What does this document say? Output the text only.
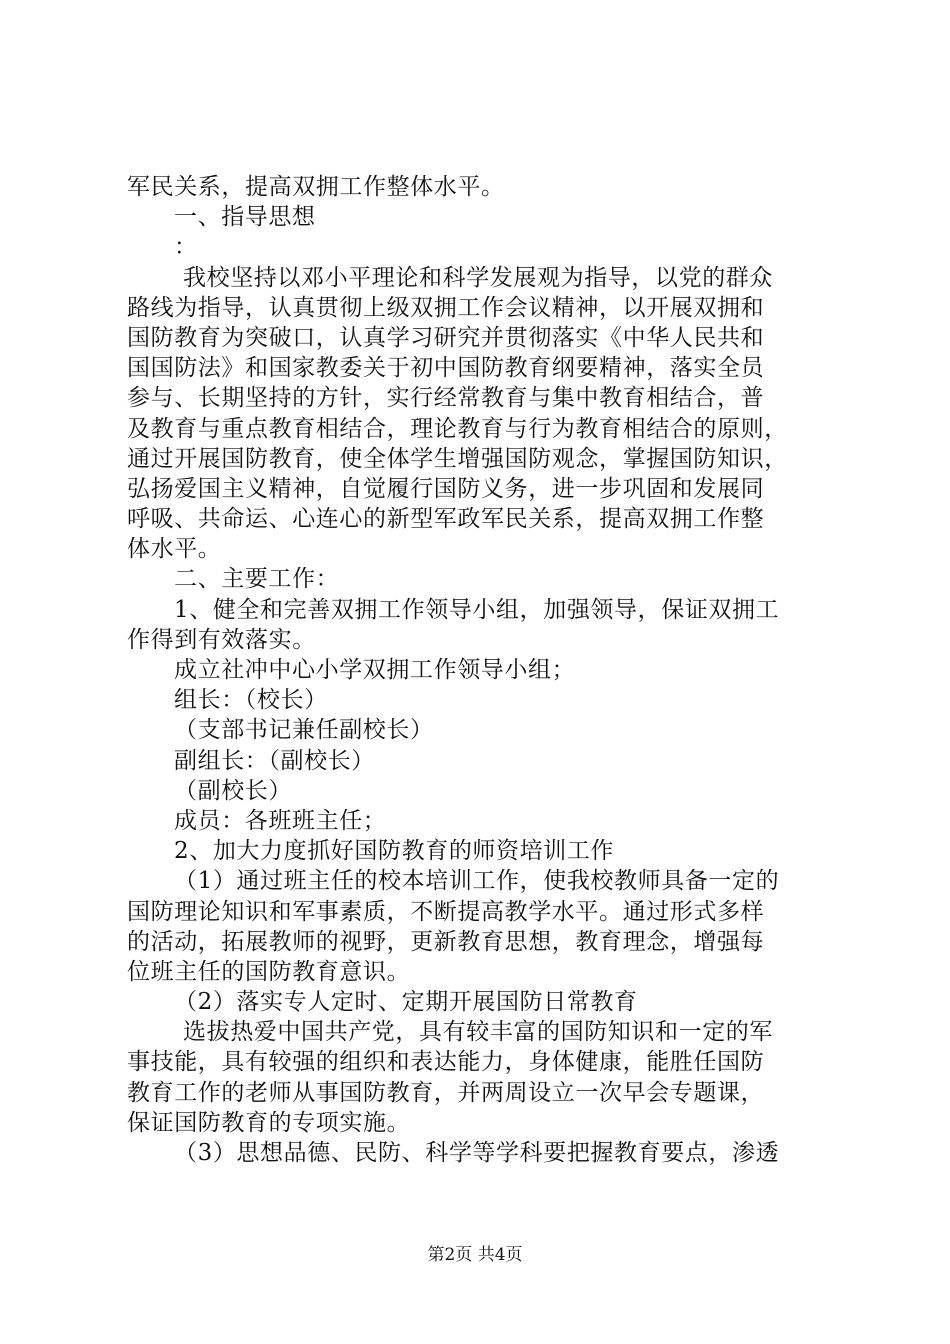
军民关系，提高双拥工作整体水平。
一、指导思想
：
我校坚持以邓小平理论和科学发展观为指导，以党的群众
路线为指导，认真贯彻上级双拥工作会议精神，以开展双拥和
国防教育为突破口，认真学习研究并贯彻落实《中华人民共和
国国防法》和国家教委关于初中国防教育纲要精神，落实全员
参与、长期坚持的方针，实行经常教育与集中教育相结合，普
及教育与重点教育相结合，理论教育与行为教育相结合的原则，
通过开展国防教育，使全体学生增强国防观念，掌握国防知识，
弘扬爱国主义精神，自觉履行国防义务，进一步巩固和发展同
呼吸、共命运、心连心的新型军政军民关系，提高双拥工作整
体水平。
二、主要工作：
1、健全和完善双拥工作领导小组，加强领导，保证双拥工
作得到有效落实。
成立社冲中心小学双拥工作领导小组；
组长：（校长）
（支部书记兼任副校长）
副组长：（副校长）
（副校长）
成员：各班班主任；
2、加大力度抓好国防教育的师资培训工作
（1）通过班主任的校本培训工作，使我校教师具备一定的
国防理论知识和军事素质，不断提高教学水平。通过形式多样
的活动，拓展教师的视野，更新教育思想，教育理念，增强每
位班主任的国防教育意识。
（2）落实专人定时、定期开展国防日常教育
选拔热爱中国共产党，具有较丰富的国防知识和一定的军
事技能，具有较强的组织和表达能力，身体健康，能胜任国防
教育工作的老师从事国防教育，并两周设立一次早会专题课，
保证国防教育的专项实施。
（3）思想品德、民防、科学等学科要把握教育要点，渗透
第2页 共4页
